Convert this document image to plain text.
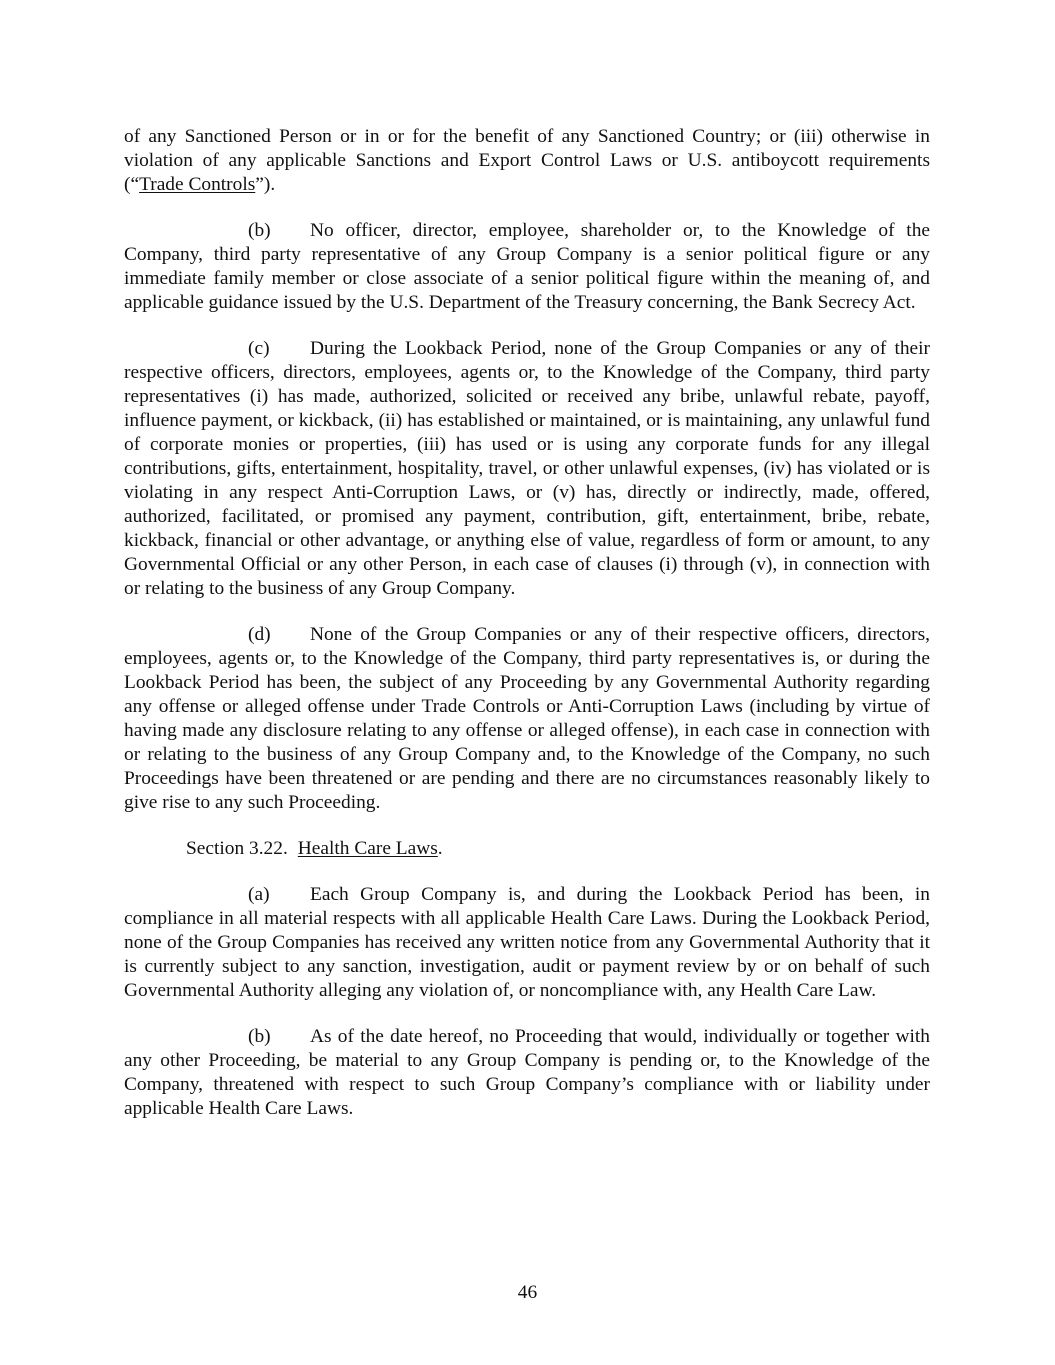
of any Sanctioned Person or in or for the benefit of any Sanctioned Country; or (iii) otherwise in violation of any applicable Sanctions and Export Control Laws or U.S. antiboycott requirements (“Trade Controls”).

(b) No officer, director, employee, shareholder or, to the Knowledge of the Company, third party representative of any Group Company is a senior political figure or any immediate family member or close associate of a senior political figure within the meaning of, and applicable guidance issued by the U.S. Department of the Treasury concerning, the Bank Secrecy Act.

(c) During the Lookback Period, none of the Group Companies or any of their respective officers, directors, employees, agents or, to the Knowledge of the Company, third party representatives (i) has made, authorized, solicited or received any bribe, unlawful rebate, payoff, influence payment, or kickback, (ii) has established or maintained, or is maintaining, any unlawful fund of corporate monies or properties, (iii) has used or is using any corporate funds for any illegal contributions, gifts, entertainment, hospitality, travel, or other unlawful expenses, (iv) has violated or is violating in any respect Anti-Corruption Laws, or (v) has, directly or indirectly, made, offered, authorized, facilitated, or promised any payment, contribution, gift, entertainment, bribe, rebate, kickback, financial or other advantage, or anything else of value, regardless of form or amount, to any Governmental Official or any other Person, in each case of clauses (i) through (v), in connection with or relating to the business of any Group Company.

(d) None of the Group Companies or any of their respective officers, directors, employees, agents or, to the Knowledge of the Company, third party representatives is, or during the Lookback Period has been, the subject of any Proceeding by any Governmental Authority regarding any offense or alleged offense under Trade Controls or Anti-Corruption Laws (including by virtue of having made any disclosure relating to any offense or alleged offense), in each case in connection with or relating to the business of any Group Company and, to the Knowledge of the Company, no such Proceedings have been threatened or are pending and there are no circumstances reasonably likely to give rise to any such Proceeding.

Section 3.22. Health Care Laws.

(a) Each Group Company is, and during the Lookback Period has been, in compliance in all material respects with all applicable Health Care Laws. During the Lookback Period, none of the Group Companies has received any written notice from any Governmental Authority that it is currently subject to any sanction, investigation, audit or payment review by or on behalf of such Governmental Authority alleging any violation of, or noncompliance with, any Health Care Law.

(b) As of the date hereof, no Proceeding that would, individually or together with any other Proceeding, be material to any Group Company is pending or, to the Knowledge of the Company, threatened with respect to such Group Company’s compliance with or liability under applicable Health Care Laws.

46
